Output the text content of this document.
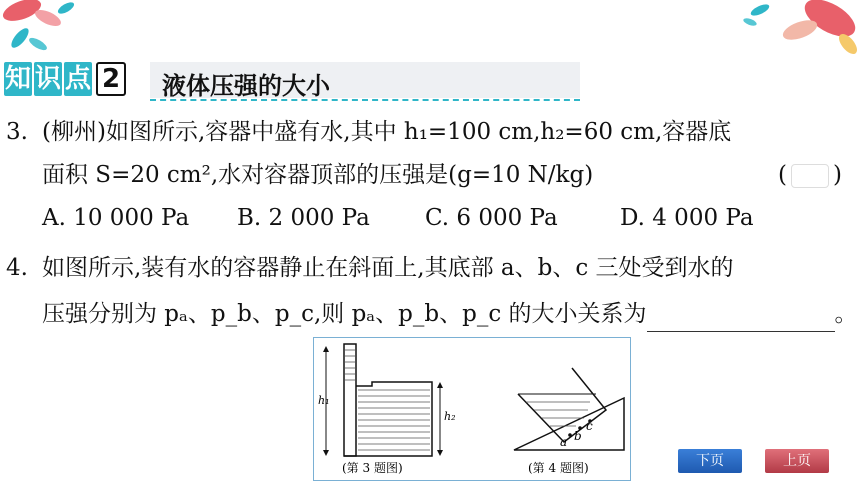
知 识 点 2 液体压强的大小
3. (柳州)如图所示,容器中盛有水,其中 h₁=100 cm,h₂=60 cm,容器底
面积 S=20 cm²,水对容器顶部的压强是(g=10 N/kg)	( )
A. 10 000 Pa B. 2 000 Pa C. 6 000 Pa	D. 4 000 Pa
4. 如图所示,装有水的容器静止在斜面上,其底部 a、b、c 三处受到水的
压强分别为 pₐ、p_b、p_c,则 pₐ、p_b、p_c 的大小关系为	。
h₁
h₂
(第 3 题图)
a b
c
(第 4 题图)	下页	上页
